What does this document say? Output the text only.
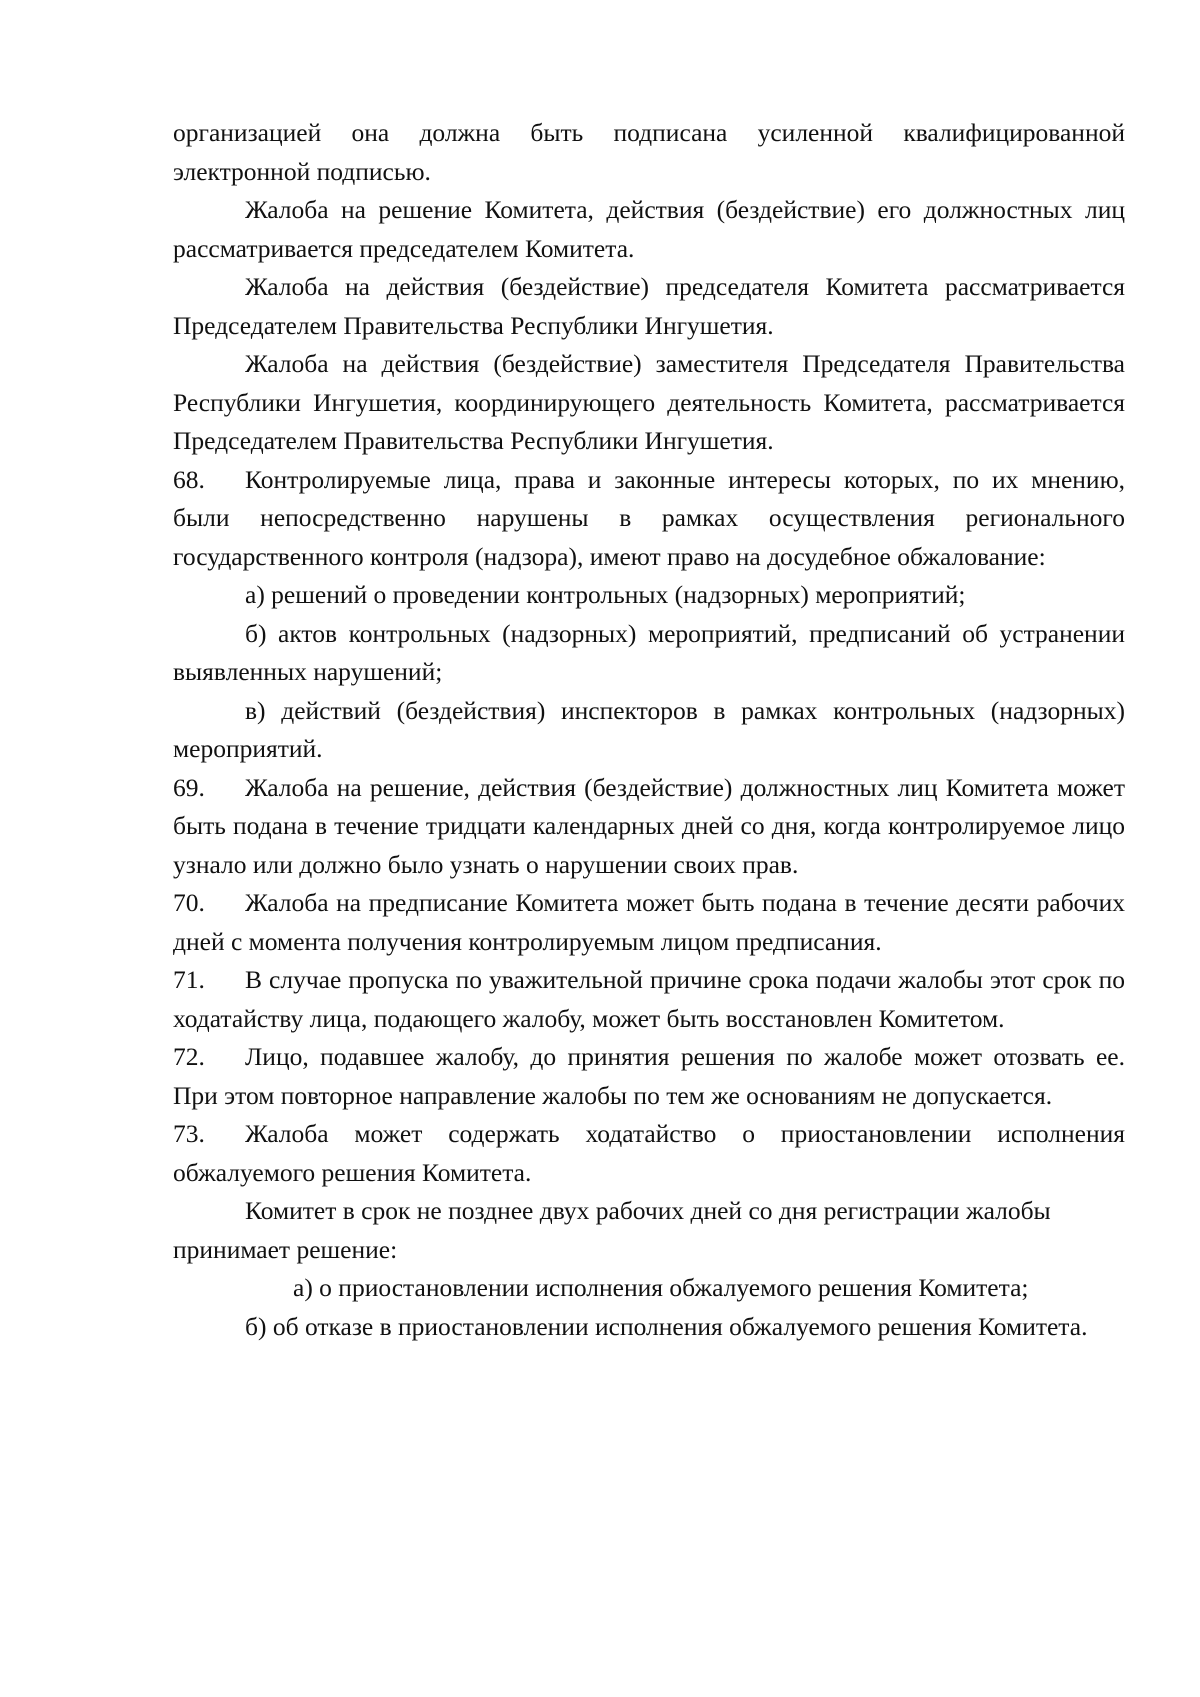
организацией она должна быть подписана усиленной квалифицированной электронной подписью.

Жалоба на решение Комитета, действия (бездействие) его должностных лиц рассматривается председателем Комитета.

Жалоба на действия (бездействие) председателя Комитета рассматривается Председателем Правительства Республики Ингушетия.

Жалоба на действия (бездействие) заместителя Председателя Правительства Республики Ингушетия, координирующего деятельность Комитета, рассматривается Председателем Правительства Республики Ингушетия.

68. Контролируемые лица, права и законные интересы которых, по их мнению, были непосредственно нарушены в рамках осуществления регионального государственного контроля (надзора), имеют право на досудебное обжалование:

а) решений о проведении контрольных (надзорных) мероприятий;

б) актов контрольных (надзорных) мероприятий, предписаний об устранении выявленных нарушений;

в) действий (бездействия) инспекторов в рамках контрольных (надзорных) мероприятий.

69. Жалоба на решение, действия (бездействие) должностных лиц Комитета может быть подана в течение тридцати календарных дней со дня, когда контролируемое лицо узнало или должно было узнать о нарушении своих прав.

70. Жалоба на предписание Комитета может быть подана в течение десяти рабочих дней с момента получения контролируемым лицом предписания.

71. В случае пропуска по уважительной причине срока подачи жалобы этот срок по ходатайству лица, подающего жалобу, может быть восстановлен Комитетом.

72. Лицо, подавшее жалобу, до принятия решения по жалобе может отозвать ее. При этом повторное направление жалобы по тем же основаниям не допускается.

73. Жалоба может содержать ходатайство о приостановлении исполнения обжалуемого решения Комитета.

Комитет в срок не позднее двух рабочих дней со дня регистрации жалобы принимает решение:

а) о приостановлении исполнения обжалуемого решения Комитета;

б) об отказе в приостановлении исполнения обжалуемого решения Комитета.
